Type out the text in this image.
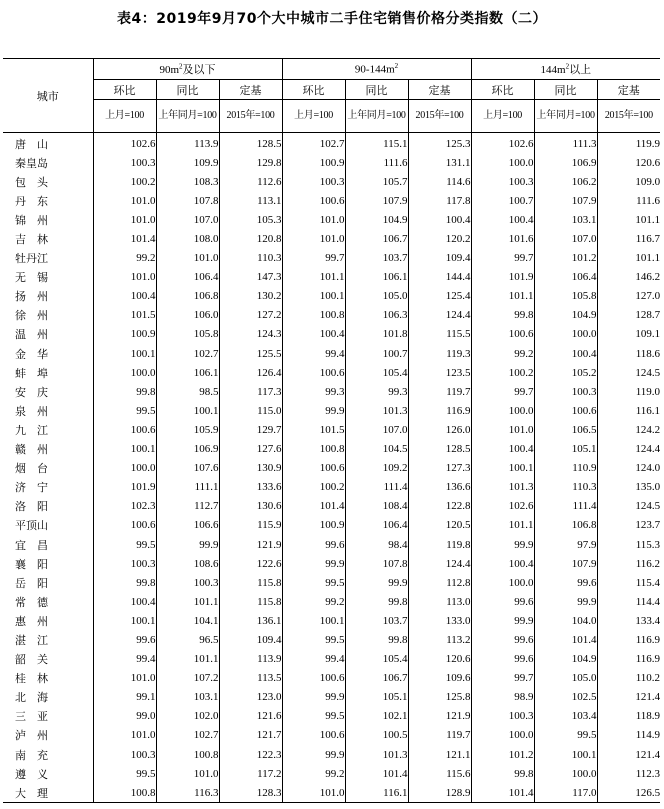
表4：2019年9月70个大中城市二手住宅销售价格分类指数（二）
城市	$90m^2$及以下			$90-144m^2$			$144m^2$以上		
	环比	同比	定基	环比	同比	定基	环比	同比	定基
	上月=100	上年同月=100	2015年=100	上月=100	上年同月=100	2015年=100	上月=100	上年同月=100	2015年=100
唐　山	102.6	113.9	128.5	102.7	115.1	125.3	102.6	111.3	119.9
秦皇岛	100.3	109.9	129.8	100.9	111.6	131.1	100.0	106.9	120.6
包　头	100.2	108.3	112.6	100.3	105.7	114.6	100.3	106.2	109.0
丹　东	101.0	107.8	113.1	100.6	107.9	117.8	100.7	107.9	111.6
锦　州	101.0	107.0	105.3	101.0	104.9	100.4	100.4	103.1	101.1
吉　林	101.4	108.0	120.8	101.0	106.7	120.2	101.6	107.0	116.7
牡丹江	99.2	101.0	110.3	99.7	103.7	109.4	99.7	101.2	101.1
无　锡	101.0	106.4	147.3	101.1	106.1	144.4	101.9	106.4	146.2
扬　州	100.4	106.8	130.2	100.1	105.0	125.4	101.1	105.8	127.0
徐　州	101.5	106.0	127.2	100.8	106.3	124.4	99.8	104.9	128.7
温　州	100.9	105.8	124.3	100.4	101.8	115.5	100.6	100.0	109.1
金　华	100.1	102.7	125.5	99.4	100.7	119.3	99.2	100.4	118.6
蚌　埠	100.0	106.1	126.4	100.6	105.4	123.5	100.2	105.2	124.5
安　庆	99.8	98.5	117.3	99.3	99.3	119.7	99.7	100.3	119.0
泉　州	99.5	100.1	115.0	99.9	101.3	116.9	100.0	100.6	116.1
九　江	100.6	105.9	129.7	101.5	107.0	126.0	101.0	106.5	124.2
赣　州	100.1	106.9	127.6	100.8	104.5	128.5	100.4	105.1	124.4
烟　台	100.0	107.6	130.9	100.6	109.2	127.3	100.1	110.9	124.0
济　宁	101.9	111.1	133.6	100.2	111.4	136.6	101.3	110.3	135.0
洛　阳	102.3	112.7	130.6	101.4	108.4	122.8	102.6	111.4	124.5
平顶山	100.6	106.6	115.9	100.9	106.4	120.5	101.1	106.8	123.7
宜　昌	99.5	99.9	121.9	99.6	98.4	119.8	99.9	97.9	115.3
襄　阳	100.3	108.6	122.6	99.9	107.8	124.4	100.4	107.9	116.2
岳　阳	99.8	100.3	115.8	99.5	99.9	112.8	100.0	99.6	115.4
常　德	100.4	101.1	115.8	99.2	99.8	113.0	99.6	99.9	114.4
惠　州	100.1	104.1	136.1	100.1	103.7	133.0	99.9	104.0	133.4
湛　江	99.6	96.5	109.4	99.5	99.8	113.2	99.6	101.4	116.9
韶　关	99.4	101.1	113.9	99.4	105.4	120.6	99.6	104.9	116.9
桂　林	101.0	107.2	113.5	100.6	106.7	109.6	99.7	105.0	110.2
北　海	99.1	103.1	123.0	99.9	105.1	125.8	98.9	102.5	121.4
三　亚	99.0	102.0	121.6	99.5	102.1	121.9	100.3	103.4	118.9
泸　州	101.0	102.7	121.7	100.6	100.5	119.7	100.0	99.5	114.9
南　充	100.3	100.8	122.3	99.9	101.3	121.1	101.2	100.1	121.4
遵　义	99.5	101.0	117.2	99.2	101.4	115.6	99.8	100.0	112.3
大　理	100.8	116.3	128.3	101.0	116.1	128.9	101.4	117.0	126.5
